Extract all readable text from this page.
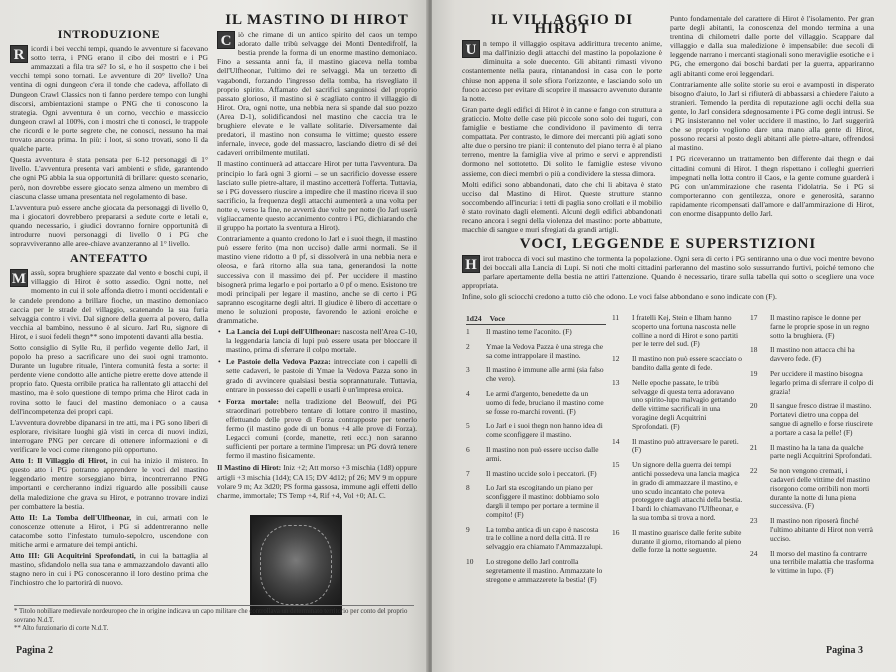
INTRODUZIONE

R icordi i bei vecchi tempi, quando le avventure si facevano sotto terra, i PNG erano il cibo dei mostri e i PG ammazzati a fila tra sé? Io sì, e ho il sospetto che i bei vecchi tempi sono tornati. Le avventure di 20° livello? Una ventina di ogni dungeon c'era il tonde che cadeva, affollato di Dungeon Crawl Classics non ti fanno perdere tempo con lunghi discorsi, ambientazioni stampe o PNG che ti conoscono la strategia. Ogni avventura è un corno, vecchio e massiccio dungeon crawl al 100%, con i mostri che ti conosci, le trappole che ricordi e le porte segrete che, ne conosci, nessuno ha mai trovato ancora prima. In più: i loot, si sono trovati, sono lì da qualche parte.

Questa avventura è stata pensata per 6-12 personaggi di 1° livello. L'avventura presenta vari ambienti e sfide, garantendo che ogni PG abbia la sua opportunità di brillare: questo scenario, però, non dovrebbe essere giocato senza almeno un membro di ciascuna classe umana presentata nel regolamento di base.

L'avventura può essere anche giocata da personaggi di livello 0, ma i giocatori dovrebbero prepararsi a sedute corte e letali e, quando necessario, i giudici dovranno fornire opportunità di introdurre nuovi personaggi di livello 0 i PG che sopravviveranno alle aree-chiave avanzeranno al 1° livello.

ANTEFATTO

M assù, sopra brughiere spazzate dal vento e boschi cupi, il villaggio di Hirot è sotto assedio. Ogni notte, nel momento in cui il sole affonda dietro i monti occidentali e le candele prendono a brillare fioche, un mastino demoniaco caccia per le strade del villaggio, scatenando la sua furia selvaggia contro i vivi. Dal signore della guerra al povero, dalla vecchia al bambino, nessuno è al sicuro. Jarl Ru, signore di Hirot, e i suoi fedeli thegn** sono impotenti davanti alla bestia.

Sotto consiglio di Sylle Ru, il perfido vegente dello Jarl, il popolo ha preso a sacrificare uno dei suoi ogni tramonto. Durante un lugubre rituale, l'intera comunità festa a sorte: il perdente viene condotto alle antiche pietre erette dove attende il proprio fato. Questa orribile pratica ha rallentato gli attacchi del mastino, ma è solo questione di tempo prima che Hirot cada in rovina sotto le fauci del mastino demoniaco o a causa dell'incompetenza dei propri capi.

L'avventura dovrebbe dipanarsi in tre atti, ma i PG sono liberi di esplorare, rivisitare luoghi già visti in cerca di nuovi indizi, interrogare PNG per cercare di ottenere informazioni e di verificare le voci come ritengono più opportuno.

Atto I: Il Villaggio di Hirot, in cui ha inizio il mistero. In questo atto i PG potranno apprendere le voci del mastino leggendario mentre sorseggiano birra, incontrerranno PNG importanti e cercheranno indizi riguardo alle possibili cause della maledizione che grava su Hirot, e potranno trovare indizi per combattere la bestia.

Atto II: La Tomba dell'Ulfheonar, in cui, armati con le conoscenze ottenute a Hirot, i PG si addentreranno nelle catacombe sotto l'infestato tumulo-sepolcro, uscendone con mitiche armi e armature dei tempi antichi.

Atto III: Gli Acquitrini Sprofondati, in cui la battaglia al mastino, sfidandolo nella sua tana e ammazzandolo davanti allo stagno nero in cui i PG conosceranno il loro destino prima che l'inchiostro che lo partorirà di nuovo.

IL MASTINO DI HIROT

C iò che rimane di un antico spirito del caos un tempo adorato dalle tribù selvagge dei Monti Dentedifrolf, la bestia prende la forma di un enorme mastino demoniaco. Fino a sessanta anni fa, il mastino giaceva nella tomba dell'Ulfheonar, l'ultimo dei re selvaggi. Ma un terzetto di vagabondi, forzando l'ingresso della tomba, ha risvegliato il proprio spirito. Affamato del sacrifici sanguinosi del proprio passato glorioso, il mastino si è scagliato contro il villaggio di Hirot. Ora, ogni notte, una nebbia nera si spande dal suo pozzo (Area D-1), solidificandosi nel mastino che caccia tra le brughiere elevate e le vallate solitarie. Diversamente dai predatori, il mastino non consuma le vittime; questo essere infernale, invece, gode del massacro, lasciando dietro di sé dei cadaveri orribilmente mutilati.

Il mastino continuerà ad attaccare Hirot per tutta l'avventura. Da principio lo farà ogni 3 giorni – se un sacrificio dovesse essere lasciato sulle pietre-altare, il mastino accetterà l'offerta. Tuttavia, se i PG dovessero riuscire a impedire che il mastino riceva il suo sacrificio, la frequenza degli attacchi aumenterà a una volta per notte e, verso la fine, ne avverrà due volte per notte (lo Jarl userà vigliaccamente questo accanimento contro i PG, dichiarando che il gruppo ha portato la sventura a Hirot).

Contrariamente a quanto credono lo Jarl e i suoi thegn, il mastino può essere ferito (ma non ucciso) dalle armi normali. Se il mastino viene ridotto a 0 pf, si dissolverà in una nebbia nera e oleosa, e farà ritorno alla sua tana, generandosi la notte successiva con il massimo dei pf. Per uccidere il mastino bisognerà prima legarlo e poi portarlo a 0 pf o meno. Esistono tre modi principali per legare il mastino, anche se di certo i PG sapranno escogitarne degli altri. Il giudice è libero di accettare o meno le soluzioni proposte, favorendo le azioni eroiche e drammatiche.

• La Lancia dei Lupi dell'Ulfheonar: nascosta nell'Area C-10, la leggendaria lancia di lupi può essere usata per bloccare il mastino, prima di sferrare il colpo mortale.
• Le Pastoie della Vedova Pazza: intrecciate con i capelli di sette cadaveri, le pastoie di Ymae la Vedova Pazza sono in grado di avvincere qualsiasi bestia soprannaturale. Tuttavia, entrare in possesso dei capelli e usarli è un'impresa eroica.
• Forza mortale: nella tradizione del Beowulf, dei PG straordinari potrebbero tentare di lottare contro il mastino, effettuando delle prove di Forza contrapposte per tenerlo fermo (il mastino gode di un bonus +4 alle prove di Forza). Legacci comuni (corde, manette, reti ecc.) non saranno sufficienti per portare a termine l'impresa: un PG dovrà tenere fermo il mastino fisicamente.

Il Mastino di Hirot: Iniz +2; Att morso +3 mischia (1d8) oppure artigli +3 mischia (1d4); CA 15; DV 4d12; pf 26; MV 9 m oppure volare 9 m; Az 3d20; PS forma gassosa, immune agli effetti dello charme, immortale; TS Temp +4, Rif +4, Vol +0; AL C.

* Titolo nobiliare medievale nordeuropeo che in origine indicava un capo militare che controllava un determinato territorio per conto del proprio sovrano N.d.T.
** Alto funzionario di corte N.d.T.
Pagina 2
IL VILLAGGIO DI HIROT

U n tempo il villaggio ospitava addirittura trecento anime, ma dall'inizio degli attacchi del mastino la popolazione è diminuita a sole duecento. Gli abitanti rimasti vivono costantemente nella paura, rintanandosi in casa con le porte chiuse non appena il sole sfiora l'orizzonte, e lasciando solo un fuoco acceso per evitare di scoprire il massacro avvenuto durante la notte.

Gran parte degli edifici di Hirot è in canne e fango con struttura a graticcio. Molte delle case più piccole sono solo dei tuguri, con famiglie e bestiame che condividono il pavimento di terra compattata. Per contrasto, le dimore dei mercanti più agiati sono alte due o persino tre piani: il contenuto del piano terra è al piano terreno, mentre la famiglia vive al primo e servi e apprendisti dormono nel sottotetto. Di solito le famiglie estese vivono assieme, con dieci membri o più a condividere la stessa dimora.

Molti edifici sono abbandonati, dato che chi li abitava è stato ucciso dal Mastino di Hirot. Queste strutture stanno soccombendo all'incuria: i tetti di paglia sono crollati e il mobilio è stato rovinato dagli elementi. Alcuni degli edifici abbandonati recano ancora i segni della violenza del mastino: porte abbattute, macchie di sangue e muri sfregiati da grandi artigli.

Punto fondamentale del carattere di Hirot è l'isolamento. Per gran parte degli abitanti, la conoscenza del mondo termina a una trentina di chilometri dalle porte del villaggio. Scappare dal villaggio e dalla sua maledizione è impensabile: due secoli di leggende narrano i mercanti stagionali sono meraviglie esotiche e i PG, che emergono dai boschi bardati per la guerra, appariranno agli abitanti come eroi leggendari.

Contrariamente alle solite storie su eroi e avamposti in disperato bisogno d'aiuto, lo Jarl si rifiuterà di abbassarsi a chiedere l'aiuto a stranieri. Temendo la perdita di reputazione agli occhi della sua gente, lo Jarl considera sdegnosamente i PG come degli intrusi. Se i PG insisteranno nel voler uccidere il mastino, lo Jarl suggerirà che se proprio vogliono dare una mano alla gente di Hirot, possono recarsi al posto degli abitanti alle pietre-altare, offrendosi al mastino.

I PG riceveranno un trattamento ben differente dai thegn e dai cittadini comuni di Hirot. I thegn rispettano i colleghi guerrieri impegnati nella lotta contro il Caos, e la gente comune guarderà i PG con un'ammirazione che rasenta l'idolatria. Se i PG si comporteranno con gentilezza, onore e generosità, saranno rapidamente ricompensati dall'amore e dall'ammirazione di Hirot, con enorme disappunto dello Jarl.

VOCI, LEGGENDE E SUPERSTIZIONI

H irot trabocca di voci sul mastino che tormenta la popolazione. Ogni sera di certo i PG sentiranno una o due voci mentre bevono dei boccali alla Lancia di Lupi. Si noti che molti cittadini parleranno del mastino solo sussurrando furtivi, poiché temono che parlare apertamente della bestia ne attiri l'attenzione. Quando è necessario, tirare sulla tabella qui sotto o scegliere una voce appropriata.

Infine, solo gli sciocchi credono a tutto ciò che odono. Le voci false abbondano e sono indicate con (F).

1d24 Voce
1	Il mastino teme l'aconito. (F)
2	Ymae la Vedova Pazza è una strega che sa come intrappolare il mastino.
3	Il mastino è immune alle armi (sia falso che vero).
4	Le armi d'argento, benedette da un uomo di fede, bruciano il mastino come se fosse ro-marchi roventi. (F)
5	Lo Jarl e i suoi thegn non hanno idea di come sconfiggere il mastino.
6	Il mastino non può essere ucciso dalle armi.
7	Il mastino uccide solo i peccatori. (F)
8	Lo Jarl sta escogitando un piano per sconfiggere il mastino: dobbiamo solo dargli il tempo per portare a termine il compito! (F)
9	La tomba antica di un capo è nascosta tra le colline a nord della città. Il re selvaggio era chiamato l'Ammazzalupi.
10	Lo stregone dello Jarl controlla segretamente il mastino. Ammazzate lo stregone e ammazzerete la bestia! (F)
11	I fratelli Kej, Stein e Ilham hanno scoperto una fortuna nascosta nelle colline a nord di Hirot e sono partiti per le terre del sud. (F)
12	Il mastino non può essere scacciato o bandito dalla gente di fede.
13	Nelle epoche passate, le tribù selvagge di questa terra adoravano uno spirito-lupo malvagio gettando delle vittime sacrificali in una voragine degli Acquitrini Sprofondati. (F)
14	Il mastino può attraversare le pareti. (F)
15	Un signore della guerra dei tempi antichi possedeva una lancia magica in grado di ammazzare il mastino, e uno scudo incantato che poteva proteggere dagli attacchi della bestia. I bardi lo chiamavano l'Ulfheonar, e la sua tomba si trova a nord.
16	Il mastino guarisce dalle ferite subite durante il giorno, ritornando al pieno delle forze la notte seguente.
17	Il mastino rapisce le donne per farne le proprie spose in un regno sotto la brughiera. (F)
18	Il mastino non attacca chi ha davvero fede. (F)
19	Per uccidere il mastino bisogna legarlo prima di sferrare il colpo di grazia!
20	Il sangue fresco distrae il mastino. Portatevi dietro una coppa del sangue di agnello e forse riuscirete a portare a casa la pelle! (F)
21	Il mastino ha la tana da qualche parte negli Acquitrini Sprofondati.
22	Se non vengono cremati, i cadaveri delle vittime del mastino risorgono come orribili non morti durante la notte di luna piena successiva. (F)
23	Il mastino non riposerà finché l'ultimo abitante di Hirot non verrà ucciso.
24	Il morso del mastino fa contrarre una terribile malattia che trasforma le vittime in lupo. (F)
Pagina 3
